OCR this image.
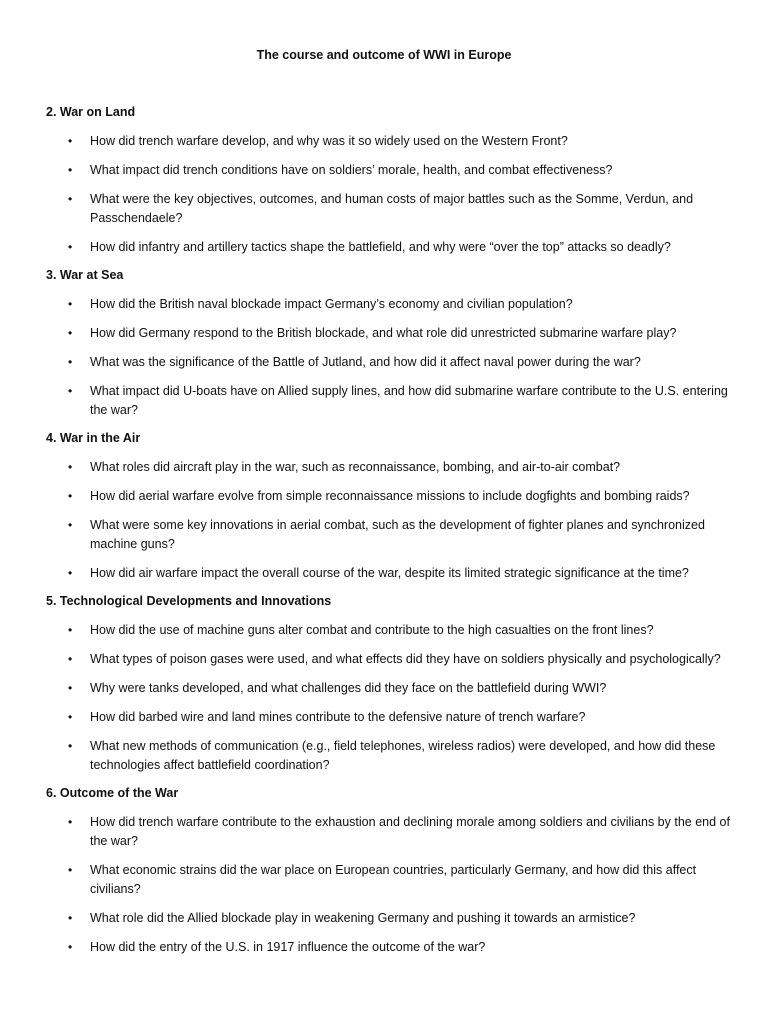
The course and outcome of WWI in Europe
2. War on Land
• How did trench warfare develop, and why was it so widely used on the Western Front?
• What impact did trench conditions have on soldiers’ morale, health, and combat effectiveness?
• What were the key objectives, outcomes, and human costs of major battles such as the Somme, Verdun, and Passchendaele?
• How did infantry and artillery tactics shape the battlefield, and why were “over the top” attacks so deadly?
3. War at Sea
• How did the British naval blockade impact Germany’s economy and civilian population?
• How did Germany respond to the British blockade, and what role did unrestricted submarine warfare play?
• What was the significance of the Battle of Jutland, and how did it affect naval power during the war?
• What impact did U-boats have on Allied supply lines, and how did submarine warfare contribute to the U.S. entering the war?
4. War in the Air
• What roles did aircraft play in the war, such as reconnaissance, bombing, and air-to-air combat?
• How did aerial warfare evolve from simple reconnaissance missions to include dogfights and bombing raids?
• What were some key innovations in aerial combat, such as the development of fighter planes and synchronized machine guns?
• How did air warfare impact the overall course of the war, despite its limited strategic significance at the time?
5. Technological Developments and Innovations
• How did the use of machine guns alter combat and contribute to the high casualties on the front lines?
• What types of poison gases were used, and what effects did they have on soldiers physically and psychologically?
• Why were tanks developed, and what challenges did they face on the battlefield during WWI?
• How did barbed wire and land mines contribute to the defensive nature of trench warfare?
• What new methods of communication (e.g., field telephones, wireless radios) were developed, and how did these technologies affect battlefield coordination?
6. Outcome of the War
• How did trench warfare contribute to the exhaustion and declining morale among soldiers and civilians by the end of the war?
• What economic strains did the war place on European countries, particularly Germany, and how did this affect civilians?
• What role did the Allied blockade play in weakening Germany and pushing it towards an armistice?
• How did the entry of the U.S. in 1917 influence the outcome of the war?
